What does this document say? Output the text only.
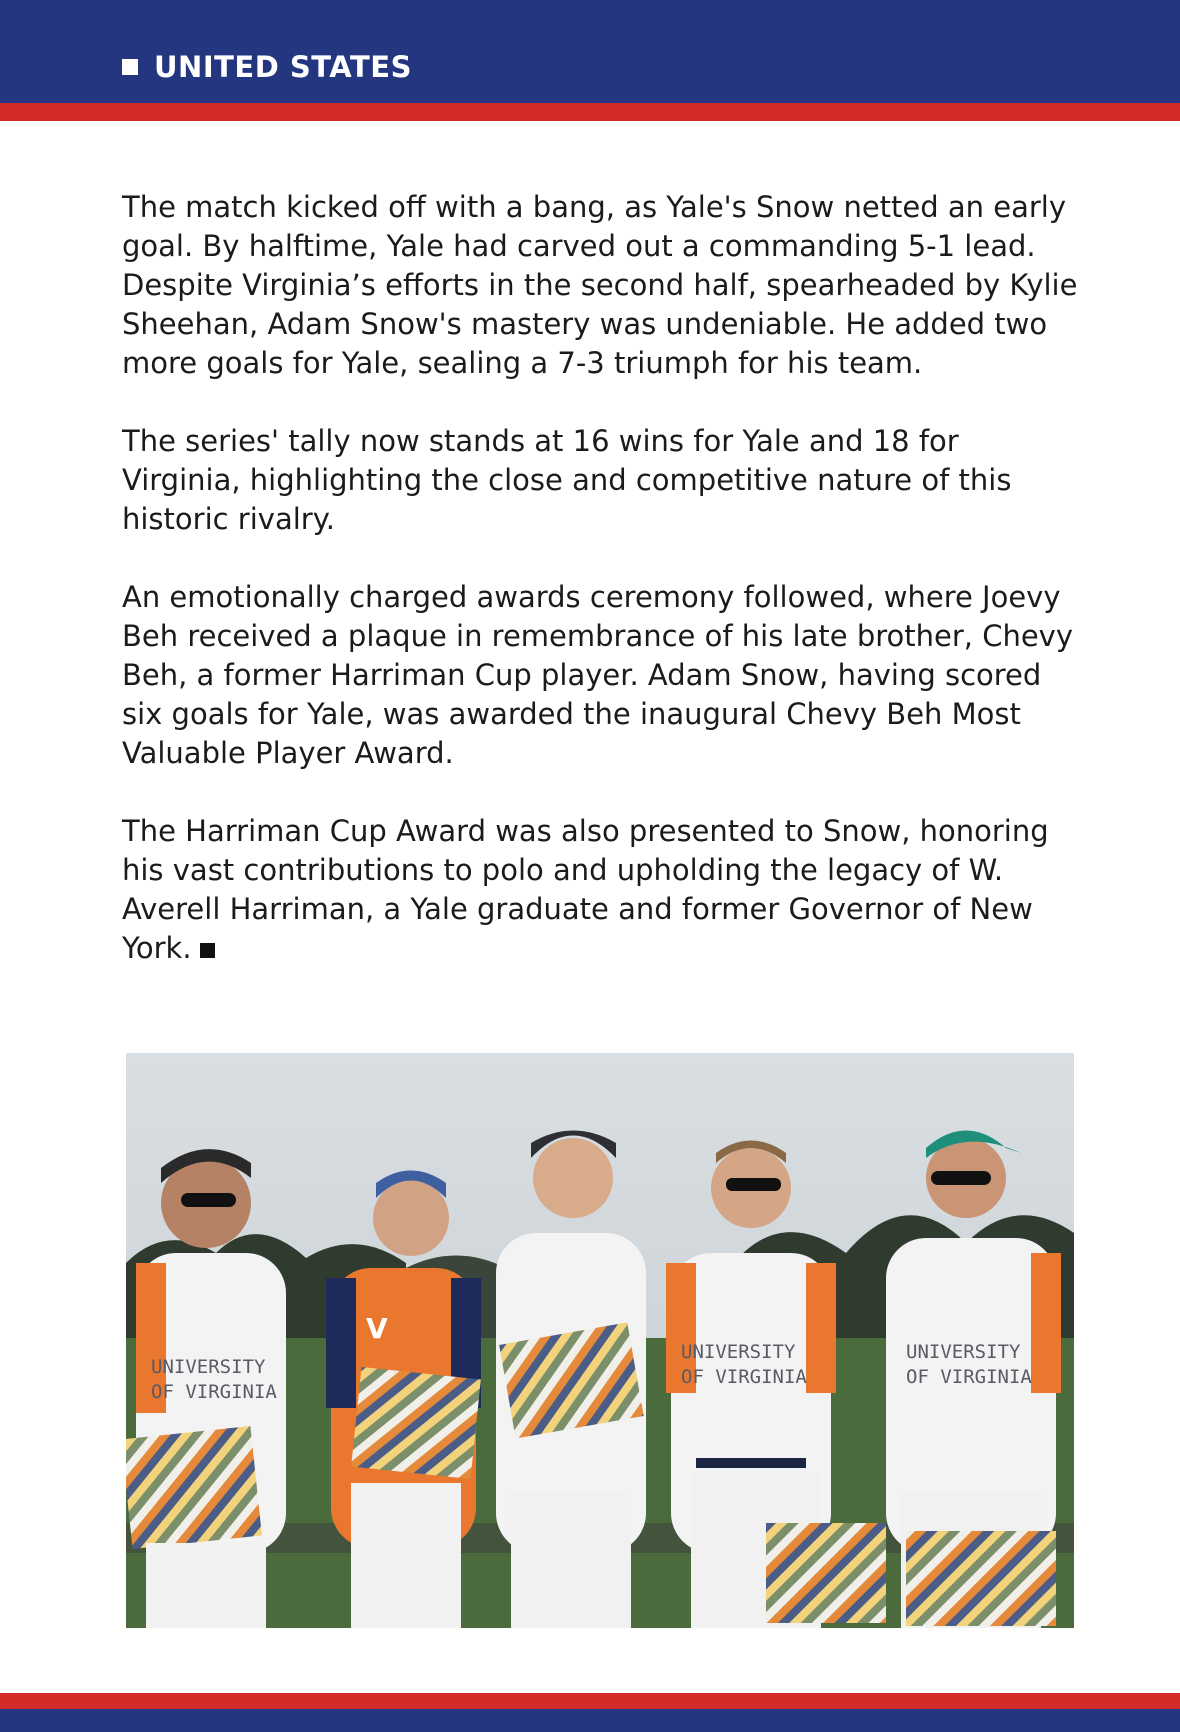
UNITED STATES

The match kicked off with a bang, as Yale's Snow netted an early goal. By halftime, Yale had carved out a commanding 5-1 lead. Despite Virginia’s efforts in the second half, spearheaded by Kylie Sheehan, Adam Snow's mastery was undeniable. He added two more goals for Yale, sealing a 7-3 triumph for his team.

The series' tally now stands at 16 wins for Yale and 18 for Virginia, highlighting the close and competitive nature of this historic rivalry.

An emotionally charged awards ceremony followed, where Joevy Beh received a plaque in remembrance of his late brother, Chevy Beh, a former Harriman Cup player. Adam Snow, having scored six goals for Yale, was awarded the inaugural Chevy Beh Most Valuable Player Award.

The Harriman Cup Award was also presented to Snow, honoring his vast contributions to polo and upholding the legacy of W. Averell Harriman, a Yale graduate and former Governor of New York.

UNIVERSITY
OF VIRGINIA
V
UNIVERSITY
OF VIRGINIA
UNIVERSITY
OF VIRGINIA
